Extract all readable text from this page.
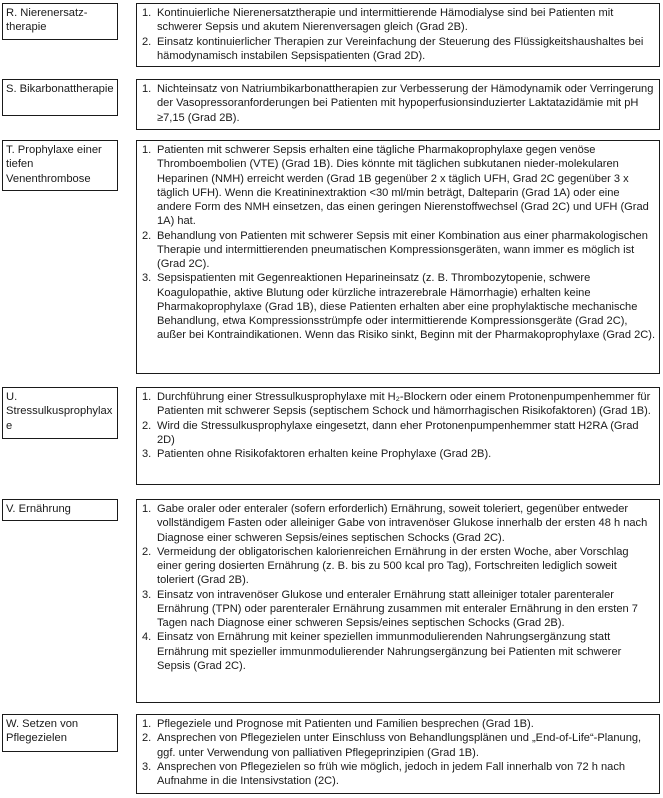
R. Nierenersatz-therapie
1. Kontinuierliche Nierenersatztherapie und intermittierende Hämodialyse sind bei Patienten mit schwerer Sepsis und akutem Nierenversagen gleich (Grad 2B).
2. Einsatz kontinuierlicher Therapien zur Vereinfachung der Steuerung des Flüssigkeitshaushaltes bei hämodynamisch instabilen Sepsispatienten (Grad 2D).
S. Bikarbonattherapie	1. Nichteinsatz von Natriumbikarbonattherapien zur Verbesserung der Hämodynamik oder Verringerung der Vasopressoranforderungen bei Patienten mit hypoperfusionsinduzierter Laktatazidämie mit pH ≥7,15 (Grad 2B).
T. Prophylaxe einer tiefen Venenthrombose
1. Patienten mit schwerer Sepsis erhalten eine tägliche Pharmakoprophylaxe gegen venöse Thromboembolien (VTE) (Grad 1B). Dies könnte mit täglichen subkutanen nieder-molekularen Heparinen (NMH) erreicht werden (Grad 1B gegenüber 2 x täglich UFH, Grad 2C gegenüber 3 x täglich UFH). Wenn die Kreatininextraktion <30 ml/min beträgt, Dalteparin (Grad 1A) oder eine andere Form des NMH einsetzen, das einen geringen Nierenstoffwechsel (Grad 2C) und UFH (Grad 1A) hat.
2. Behandlung von Patienten mit schwerer Sepsis mit einer Kombination aus einer pharmakologischen Therapie und intermittierenden pneumatischen Kompressionsgeräten, wann immer es möglich ist (Grad 2C).
3. Sepsispatienten mit Gegenreaktionen Heparineinsatz (z. B. Thrombozytopenie, schwere Koagulopathie, aktive Blutung oder kürzliche intrazerebrale Hämorrhagie) erhalten keine Pharmakoprophylaxe (Grad 1B), diese Patienten erhalten aber eine prophylaktische mechanische Behandlung, etwa Kompressionsstrümpfe oder intermittierende Kompressionsgeräte (Grad 2C), außer bei Kontraindikationen. Wenn das Risiko sinkt, Beginn mit der Pharmakoprophylaxe (Grad 2C).
U. Stressulkusprophylaxe
1. Durchführung einer Stressulkusprophylaxe mit H₂-Blockern oder einem Protonenpumpenhemmer für Patienten mit schwerer Sepsis (septischem Schock und hämorrhagischen Risikofaktoren) (Grad 1B).
2. Wird die Stressulkusprophylaxe eingesetzt, dann eher Protonenpumpenhemmer statt H2RA (Grad 2D)
3. Patienten ohne Risikofaktoren erhalten keine Prophylaxe (Grad 2B).
V. Ernährung	1. Gabe oraler oder enteraler (sofern erforderlich) Ernährung, soweit toleriert, gegenüber entweder vollständigem Fasten oder alleiniger Gabe von intravenöser Glukose innerhalb der ersten 48 h nach Diagnose einer schweren Sepsis/eines septischen Schocks (Grad 2C).
2. Vermeidung der obligatorischen kalorienreichen Ernährung in der ersten Woche, aber Vorschlag einer gering dosierten Ernährung (z. B. bis zu 500 kcal pro Tag), Fortschreiten lediglich soweit toleriert (Grad 2B).
3. Einsatz von intravenöser Glukose und enteraler Ernährung statt alleiniger totaler parenteraler Ernährung (TPN) oder parenteraler Ernährung zusammen mit enteraler Ernährung in den ersten 7 Tagen nach Diagnose einer schweren Sepsis/eines septischen Schocks (Grad 2B).
4. Einsatz von Ernährung mit keiner speziellen immunmodulierenden Nahrungsergänzung statt Ernährung mit spezieller immunmodulierender Nahrungsergänzung bei Patienten mit schwerer Sepsis (Grad 2C).
W. Setzen von Pflegezielen
1. Pflegeziele und Prognose mit Patienten und Familien besprechen (Grad 1B).
2. Ansprechen von Pflegezielen unter Einschluss von Behandlungsplänen und „End-of-Life“-Planung, ggf. unter Verwendung von palliativen Pflegeprinzipien (Grad 1B).
3. Ansprechen von Pflegezielen so früh wie möglich, jedoch in jedem Fall innerhalb von 72 h nach Aufnahme in die Intensivstation (2C).
